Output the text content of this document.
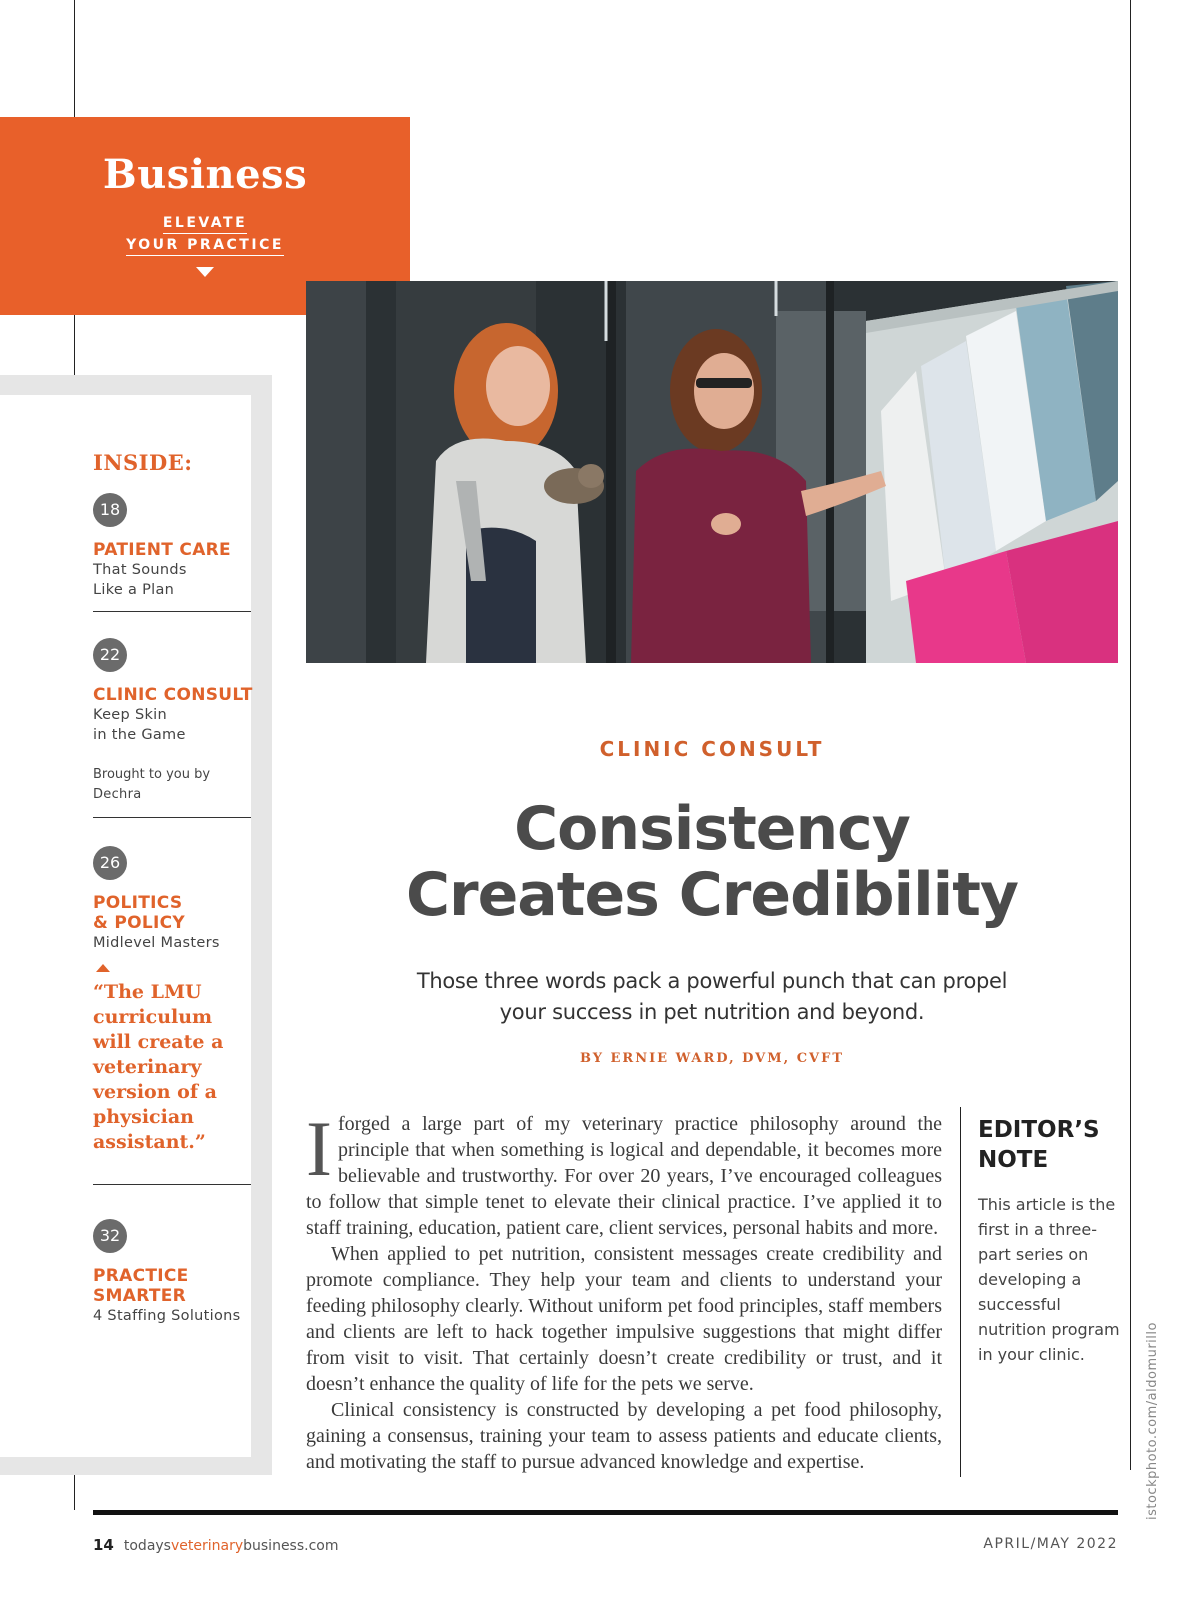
Business
ELEVATE
YOUR PRACTICE
INSIDE:
18
PATIENT CARE
That Sounds
Like a Plan
22
CLINIC CONSULT
Keep Skin
in the Game
Brought to you by
Dechra
26
POLITICS
& POLICY
Midlevel Masters
“The LMU curriculum will create a veterinary version of a physician assistant.”
32
PRACTICE
SMARTER
4 Staffing Solutions
CLINIC CONSULT
Consistency
Creates Credibility
Those three words pack a powerful punch that can propel
your success in pet nutrition and beyond.
BY ERNIE WARD, DVM, CVFT

Iforged a large part of my veterinary practice philosophy around the principle that when something is logical and dependable, it becomes more believable and trustworthy. For over 20 years, I’ve encouraged colleagues to follow that simple tenet to elevate their clinical practice. I’ve applied it to staff training, education, patient care, client services, personal habits and more.

When applied to pet nutrition, consistent messages create credibility and promote compliance. They help your team and clients to understand your feeding philosophy clearly. Without uniform pet food principles, staff members and clients are left to hack together impulsive suggestions that might differ from visit to visit. That certainly doesn’t create credibility or trust, and it doesn’t enhance the quality of life for the pets we serve.

Clinical consistency is constructed by developing a pet food philosophy, gaining a consensus, training your team to assess patients and educate clients, and motivating the staff to pursue advanced knowledge and expertise.

EDITOR’S
NOTE
This article is the first in a three-part series on developing a successful nutrition program in your clinic.	istockphoto.com/aldomurillo
14 todaysveterinarybusiness.com	APRIL/MAY 2022
